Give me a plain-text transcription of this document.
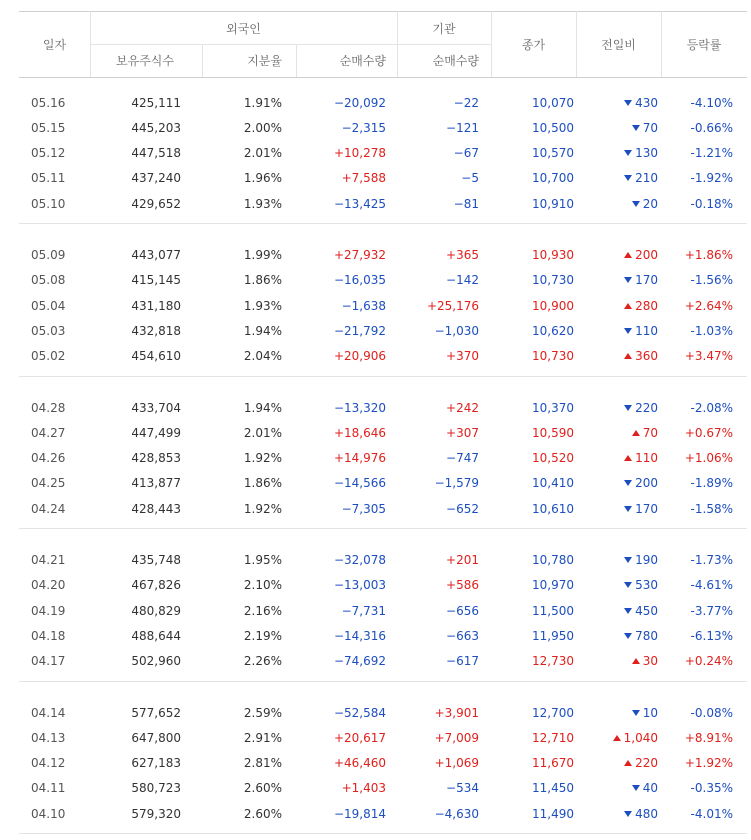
일자
외국인	기관
종가	전일비	등락률
보유주식수	지분율	순매수량	순매수량
05.16	425,111	1.91%	−20,092	−22	10,070	430	-4.10%
05.15	445,203	2.00%	−2,315	−121	10,500	70	-0.66%
05.12	447,518	2.01%	+10,278	−67	10,570	130	-1.21%
05.11	437,240	1.96%	+7,588	−5	10,700	210	-1.92%
05.10	429,652	1.93%	−13,425	−81	10,910	20	-0.18%
05.09	443,077	1.99%	+27,932	+365	10,930	200	+1.86%
05.08	415,145	1.86%	−16,035	−142	10,730	170	-1.56%
05.04	431,180	1.93%	−1,638	+25,176	10,900	280	+2.64%
05.03	432,818	1.94%	−21,792	−1,030	10,620	110	-1.03%
05.02	454,610	2.04%	+20,906	+370	10,730	360	+3.47%
04.28	433,704	1.94%	−13,320	+242	10,370	220	-2.08%
04.27	447,499	2.01%	+18,646	+307	10,590	70	+0.67%
04.26	428,853	1.92%	+14,976	−747	10,520	110	+1.06%
04.25	413,877	1.86%	−14,566	−1,579	10,410	200	-1.89%
04.24	428,443	1.92%	−7,305	−652	10,610	170	-1.58%
04.21	435,748	1.95%	−32,078	+201	10,780	190	-1.73%
04.20	467,826	2.10%	−13,003	+586	10,970	530	-4.61%
04.19	480,829	2.16%	−7,731	−656	11,500	450	-3.77%
04.18	488,644	2.19%	−14,316	−663	11,950	780	-6.13%
04.17	502,960	2.26%	−74,692	−617	12,730	30	+0.24%
04.14	577,652	2.59%	−52,584	+3,901	12,700	10	-0.08%
04.13	647,800	2.91%	+20,617	+7,009	12,710	1,040	+8.91%
04.12	627,183	2.81%	+46,460	+1,069	11,670	220	+1.92%
04.11	580,723	2.60%	+1,403	−534	11,450	40	-0.35%
04.10	579,320	2.60%	−19,814	−4,630	11,490	480	-4.01%
